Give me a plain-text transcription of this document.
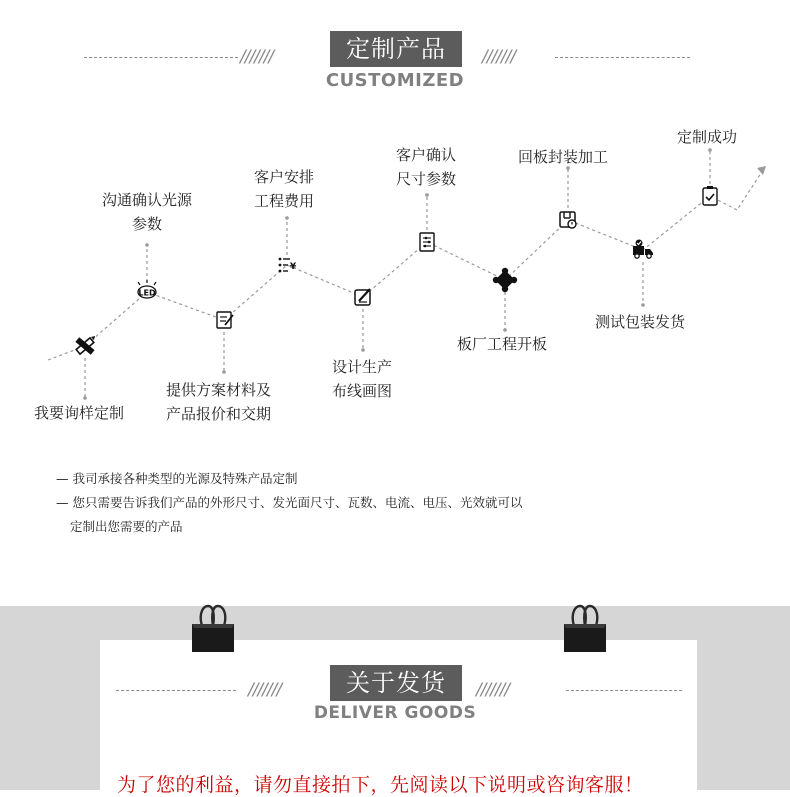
///////	定制产品	///////
CUSTOMIZED
LED
¥
我要询样定制
沟通确认光源
参数
提供方案材料及
产品报价和交期
客户安排
工程费用
设计生产
布线画图
客户确认
尺寸参数
板厂工程开板
回板封装加工
测试包装发货
定制成功
— 我司承接各种类型的光源及特殊产品定制
— 您只需要告诉我们产品的外形尺寸、发光面尺寸、瓦数、电流、电压、光效就可以
定制出您需要的产品
///////	关于发货	///////
DELIVER GOODS
为了您的利益，请勿直接拍下，先阅读以下说明或咨询客服！
